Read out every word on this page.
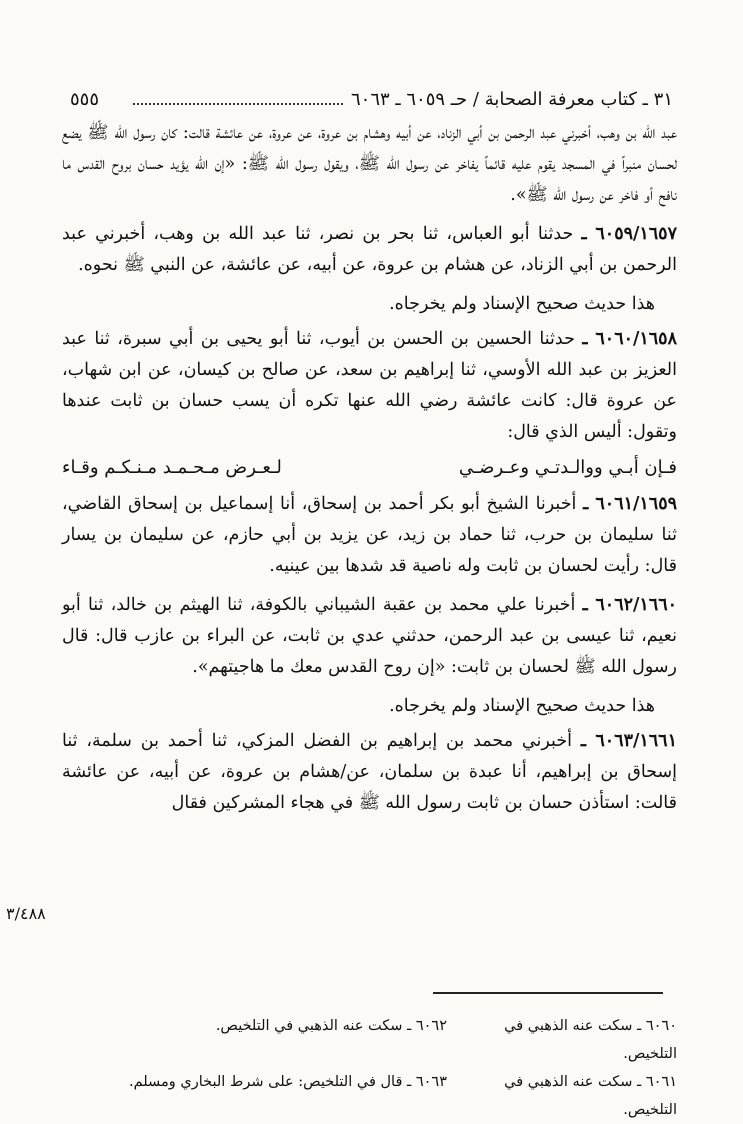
٥٥٥	٣١ ـ كتاب معرفة الصحابة / حـ ٦٠٥٩ ـ ٦٠٦٣

عبد الله بن وهب، أخبرني عبد الرحمن بن أبي الزناد، عن أبيه وهشام بن عروة، عن عروة، عن عائشة قالت: كان رسول الله ﷺ يضع لحسان منبراً في المسجد يقوم عليه قائماً يفاخر عن رسول الله ﷺ، ويقول رسول الله ﷺ: «إن الله يؤيد حسان بروح القدس ما نافح أو فاخر عن رسول الله ﷺ».

٦٠٥٩/١٦٥٧ ـ حدثنا أبو العباس، ثنا بحر بن نصر، ثنا عبد الله بن وهب، أخبرني عبد الرحمن بن أبي الزناد، عن هشام بن عروة، عن أبيه، عن عائشة، عن النبي ﷺ نحوه.

هذا حديث صحيح الإسناد ولم يخرجاه.

٦٠٦٠/١٦٥٨ ـ حدثنا الحسين بن الحسن بن أيوب، ثنا أبو يحيى بن أبي سبرة، ثنا عبد العزيز بن عبد الله الأوسي، ثنا إبراهيم بن سعد، عن صالح بن كيسان، عن ابن شهاب، عن عروة قال: كانت عائشة رضي الله عنها تكره أن يسب حسان بن ثابت عندها وتقول: أليس الذي قال:

فـإن أبـي ووالـدتـي وعـرضـي
لـعـرض مـحـمـد مـنـكـم وقـاء

٦٠٦١/١٦٥٩ ـ أخبرنا الشيخ أبو بكر أحمد بن إسحاق، أنا إسماعيل بن إسحاق القاضي، ثنا سليمان بن حرب، ثنا حماد بن زيد، عن يزيد بن أبي حازم، عن سليمان بن يسار قال: رأيت لحسان بن ثابت وله ناصية قد شدها بين عينيه.

٦٠٦٢/١٦٦٠ ـ أخبرنا علي محمد بن عقبة الشيباني بالكوفة، ثنا الهيثم بن خالد، ثنا أبو نعيم، ثنا عيسى بن عبد الرحمن، حدثني عدي بن ثابت، عن البراء بن عازب قال: قال رسول الله ﷺ لحسان بن ثابت: «إن روح القدس معك ما هاجيتهم».

هذا حديث صحيح الإسناد ولم يخرجاه.

٦٠٦٣/١٦٦١ ـ أخبرني محمد بن إبراهيم بن الفضل المزكي، ثنا أحمد بن سلمة، ثنا إسحاق بن إبراهيم، أنا عبدة بن سلمان، عن/هشام بن عروة، عن أبيه، عن عائشة قالت: استأذن حسان بن ثابت رسول الله ﷺ في هجاء المشركين فقال

٣/٤٨٨
٦٠٦٠ ـ سكت عنه الذهبي في التلخيص.
٦٠٦٢ ـ سكت عنه الذهبي في التلخيص.
٦٠٦١ ـ سكت عنه الذهبي في التلخيص.
٦٠٦٣ ـ قال في التلخيص: على شرط البخاري ومسلم.
